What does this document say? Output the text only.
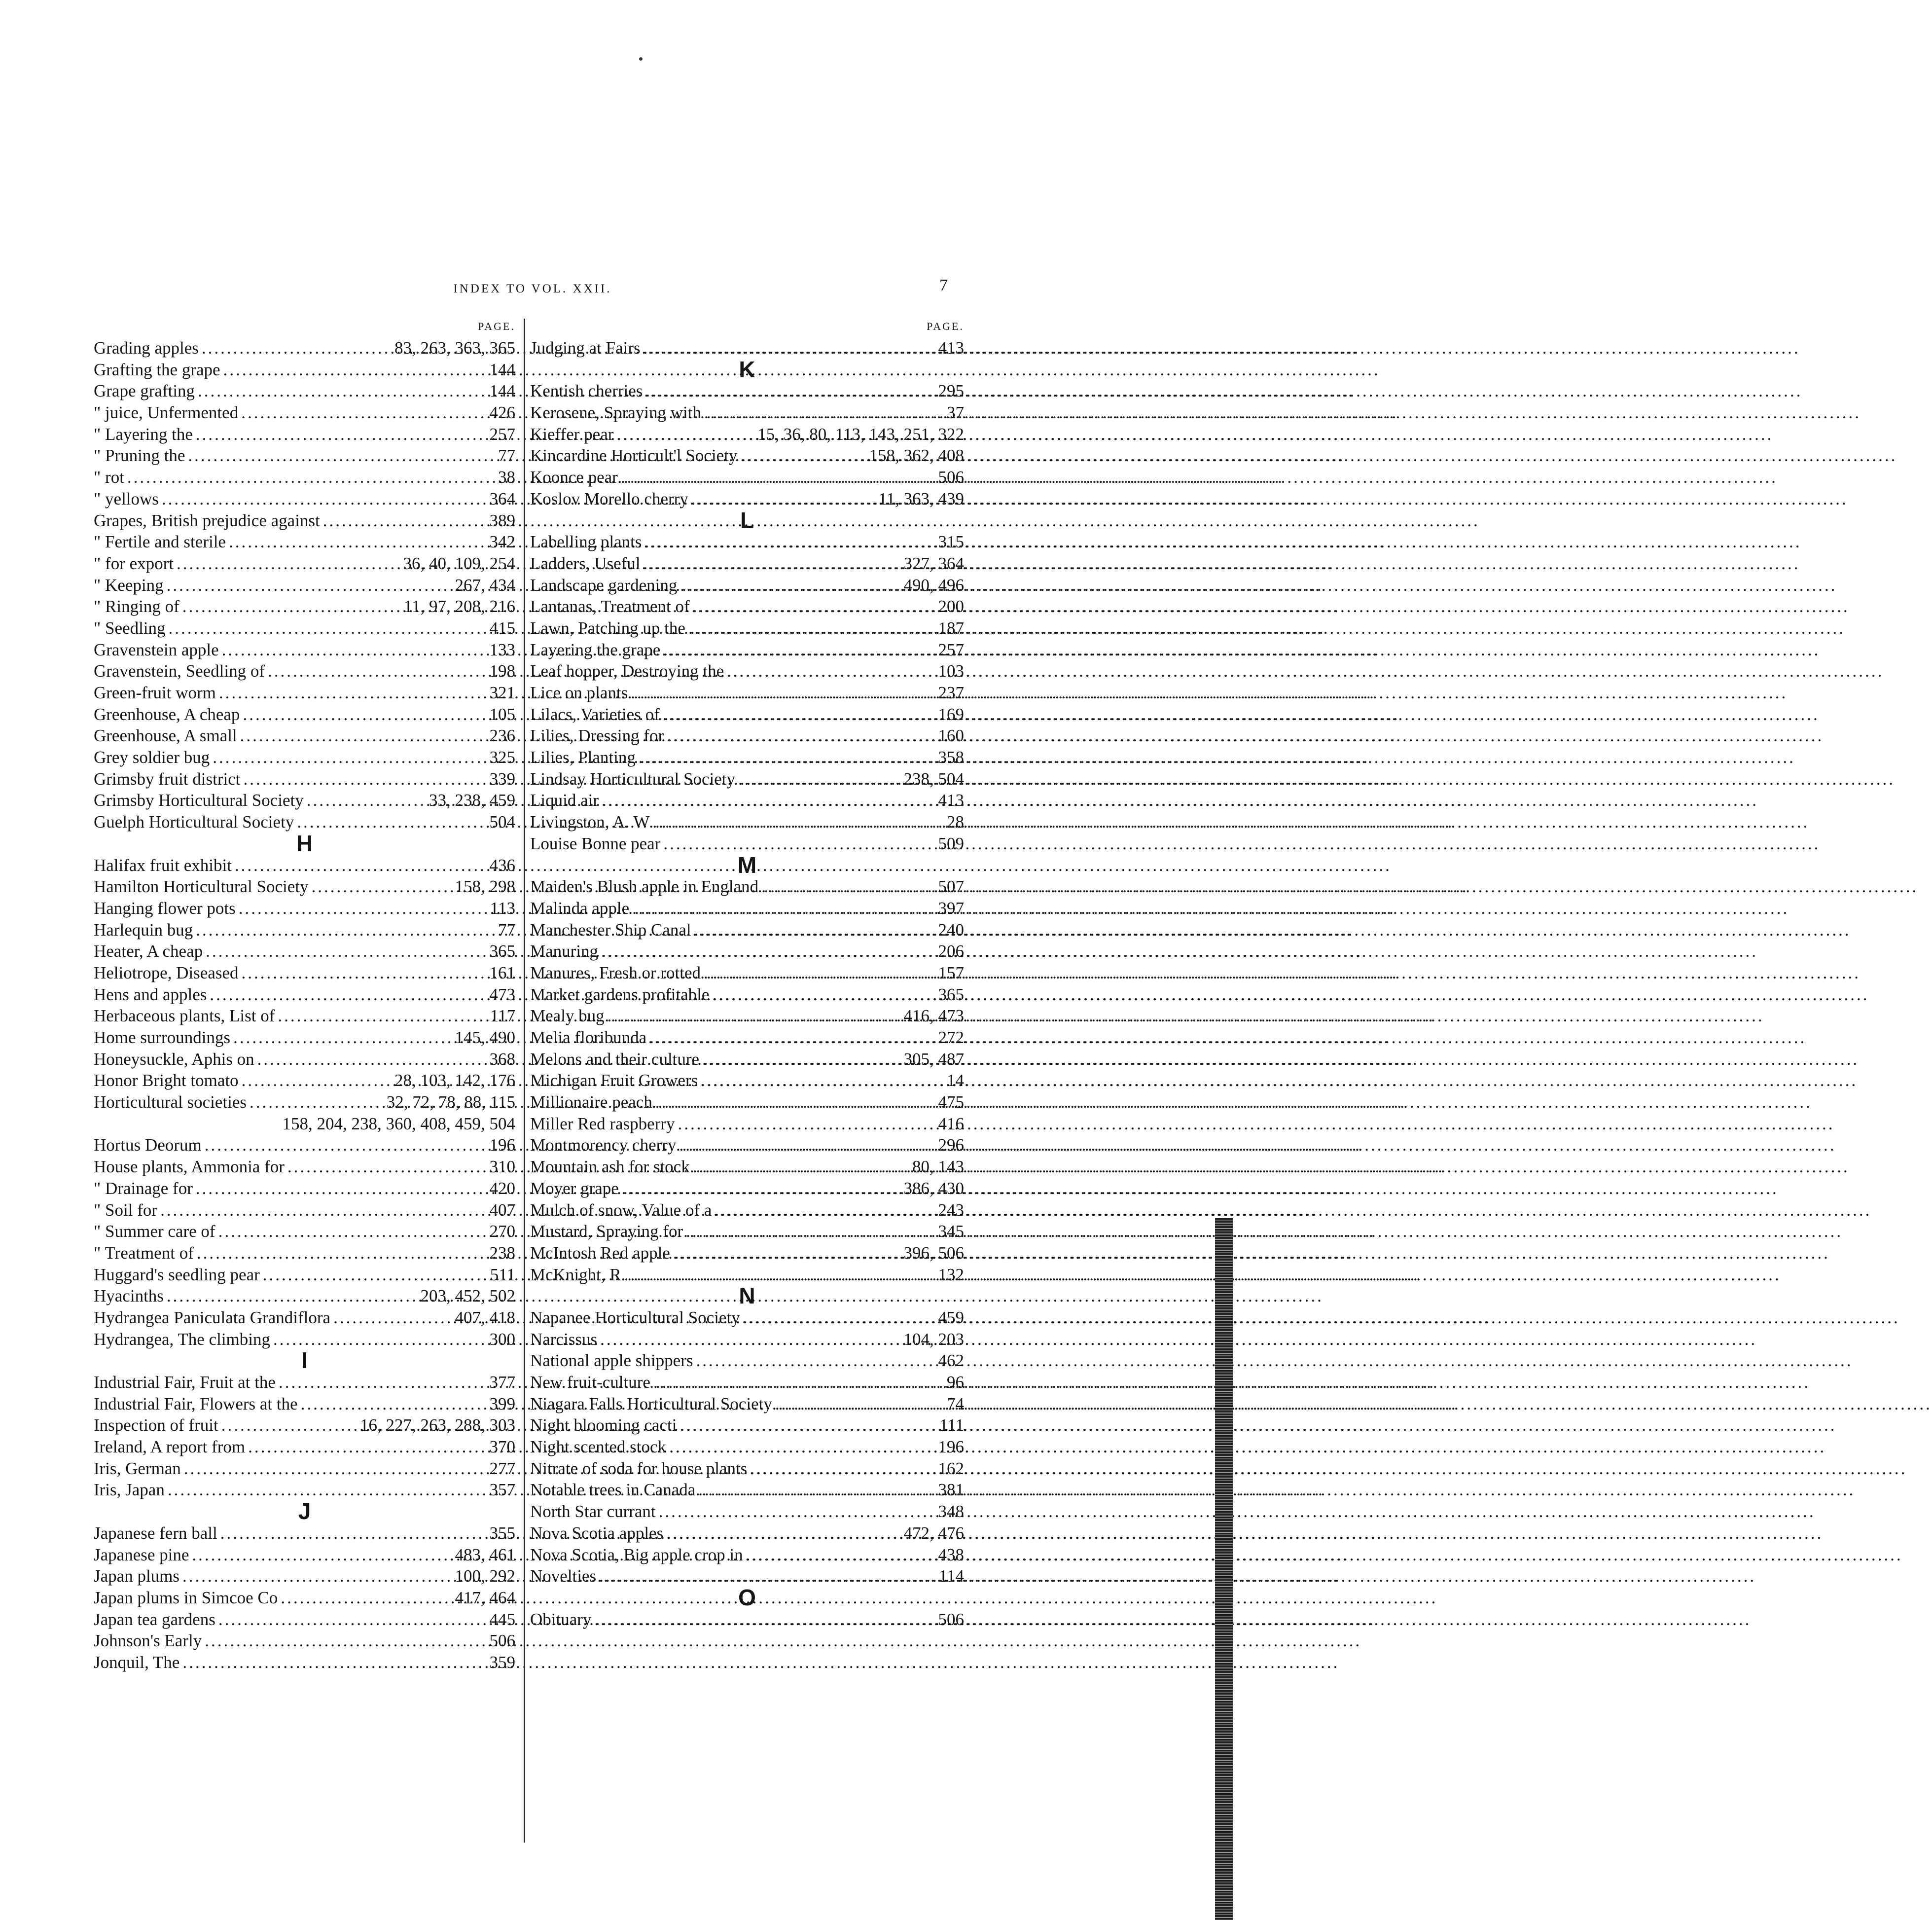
INDEX TO VOL. XXII.	7
PAGE.
Grading apples .....	83, 263, 363, 365
Grafting the grape .....	144
Grape grafting .....	144
" juice, Unfermented .....	426
" Layering the .....	257
" Pruning the .....	77
" rot .....	38
" yellows .....	364
Grapes, British prejudice against .....	389
" Fertile and sterile .....	342
" for export .....	36, 40, 109, 254
" Keeping .....	267, 434
" Ringing of .....	11, 97, 208, 216
" Seedling .....	415
Gravenstein apple .....	133
Gravenstein, Seedling of .....	198
Green-fruit worm .....	321
Greenhouse, A cheap .....	105
Greenhouse, A small .....	236
Grey soldier bug .....	325
Grimsby fruit district .....	339
Grimsby Horticultural Society .....	33, 238, 459
Guelph Horticultural Society .....	504
H
Halifax fruit exhibit .....	436
Hamilton Horticultural Society .....	158, 298
Hanging flower pots .....	113
Harlequin bug .....	77
Heater, A cheap .....	365
Heliotrope, Diseased .....	161
Hens and apples .....	473
Herbaceous plants, List of .....	117
Home surroundings .....	145, 490
Honeysuckle, Aphis on .....	368
Honor Bright tomato .....	28, 103, 142, 176
Horticultural societies .....	32, 72, 78, 88, 115
158, 204, 238, 360, 408, 459, 504
Hortus Deorum .....	196
House plants, Ammonia for .....	310
" Drainage for .....	420
" Soil for .....	407
" Summer care of .....	270
" Treatment of .....	238
Huggard's seedling pear .....	511
Hyacinths .....	203, 452, 502
Hydrangea Paniculata Grandiflora .....	407, 418
Hydrangea, The climbing .....	300
I
Industrial Fair, Fruit at the .....	377
Industrial Fair, Flowers at the .....	399
Inspection of fruit .....	16, 227, 263, 288, 303
Ireland, A report from .....	370
Iris, German .....	277
Iris, Japan .....	357
J
Japanese fern ball .....	355
Japanese pine .....	483, 461
Japan plums .....	100, 292
Japan plums in Simcoe Co .....	417, 464
Japan tea gardens .....	445
Johnson's Early .....	506
Jonquil, The .....	359
PAGE.
Judging at Fairs .....	413
K
Kentish cherries .....	295
Kerosene, Spraying with .....	37
Kieffer pear .....	15, 36, 80, 113, 143, 251, 322
Kincardine Horticult'l Society .....	158, 362, 408
Koonce pear .....	506
Koslov Morello cherry .....	11, 363, 439
L
Labelling plants .....	315
Ladders, Useful .....	327, 364
Landscape gardening .....	490, 496
Lantanas, Treatment of .....	200
Lawn, Patching up the .....	187
Layering the grape .....	257
Leaf hopper, Destroying the .....	103
Lice on plants .....	237
Lilacs, Varieties of .....	169
Lilies, Dressing for .....	160
Lilies, Planting .....	358
Lindsay Horticultural Society .....	238, 504
Liquid air .....	413
Livingston, A. W .....	28
Louise Bonne pear .....	509
M
Maiden's Blush apple in England .....	507
Malinda apple .....	397
Manchester Ship Canal .....	240
Manuring .....	206
Manures, Fresh or rotted .....	157
Market gardens profitable .....	365
Mealy bug .....	416, 473
Melia floribunda .....	272
Melons and their culture .....	305, 487
Michigan Fruit Growers .....	14
Millionaire peach .....	475
Miller Red raspberry .....	416
Montmorency cherry .....	296
Mountain ash for stock .....	80, 143
Moyer grape .....	386, 430
Mulch of snow, Value of a .....	243
Mustard, Spraying for .....	345
McIntosh Red apple .....	396, 506
McKnight, R .....	132
N
Napanee Horticultural Society .....	459
Narcissus .....	104, 203
National apple shippers .....	462
New fruit-culture .....	96
Niagara Falls Horticultural Society .....	74
Night blooming cacti .....	111
Night scented stock .....	196
Nitrate of soda for house plants .....	162
Notable trees in Canada .....	381
North Star currant .....	348
Nova Scotia apples .....	472, 476
Nova Scotia, Big apple crop in .....	438
Novelties .....	114
O
Obituary .....	506
